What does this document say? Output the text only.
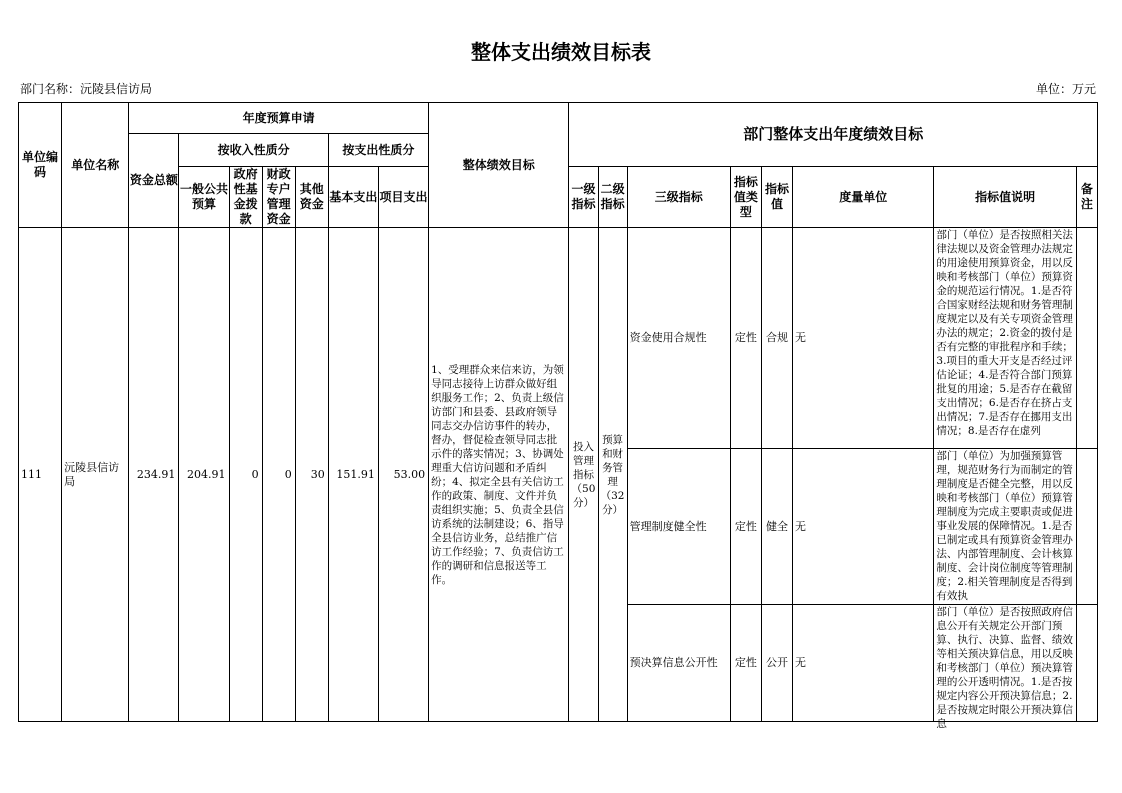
整体支出绩效目标表
部门名称：沅陵县信访局	单位：万元
单位编码	单位名称	年度预算申请							整体绩效目标	部门整体支出年度绩效目标							
		资金总额	按收入性质分				按支出性质分										
			一般公共预算	政府性基金拨款	财政专户管理资金	其他资金	基本支出	项目支出		一级指标	二级指标	三级指标	指标值类型	指标值	度量单位	指标值说明	备注

111	沅陵县信访局	234.91	204.91	0	0	30	151.91	53.00	1、受理群众来信来访，为领导同志接待上访群众做好组织服务工作；2、负责上级信访部门和县委、县政府领导同志交办信访事件的转办，督办，督促检查领导同志批示件的落实情况；3、协调处理重大信访问题和矛盾纠纷；4、拟定全县有关信访工作的政策、制度、文件并负责组织实施；5、负责全县信访系统的法制建设；6、指导全县信访业务，总结推广信访工作经验；7、负责信访工作的调研和信息报送等工作。	投入管理指标（50分）	预算和财务管理（32分）	资金使用合规性	定性	合规	无	部门（单位）是否按照相关法律法规以及资金管理办法规定的用途使用预算资金，用以反映和考核部门（单位）预算资金的规范运行情况。1.是否符合国家财经法规和财务管理制度规定以及有关专项资金管理办法的规定；2.资金的拨付是否有完整的审批程序和手续；3.项目的重大开支是否经过评估论证；4.是否符合部门预算批复的用途；5.是否存在截留支出情况；6.是否存在挤占支出情况；7.是否存在挪用支出情况；8.是否存在虚列	

												管理制度健全性	定性	健全	无	部门（单位）为加强预算管理，规范财务行为而制定的管理制度是否健全完整，用以反映和考核部门（单位）预算管理制度为完成主要职责或促进事业发展的保障情况。1.是否已制定或具有预算资金管理办法、内部管理制度、会计核算制度、会计岗位制度等管理制度；2.相关管理制度是否得到有效执	

												预决算信息公开性	定性	公开	无	部门（单位）是否按照政府信息公开有关规定公开部门预算、执行、决算、监督、绩效等相关预决算信息，用以反映和考核部门（单位）预决算管理的公开透明情况。1.是否按规定内容公开预决算信息；2.是否按规定时限公开预决算信息	
